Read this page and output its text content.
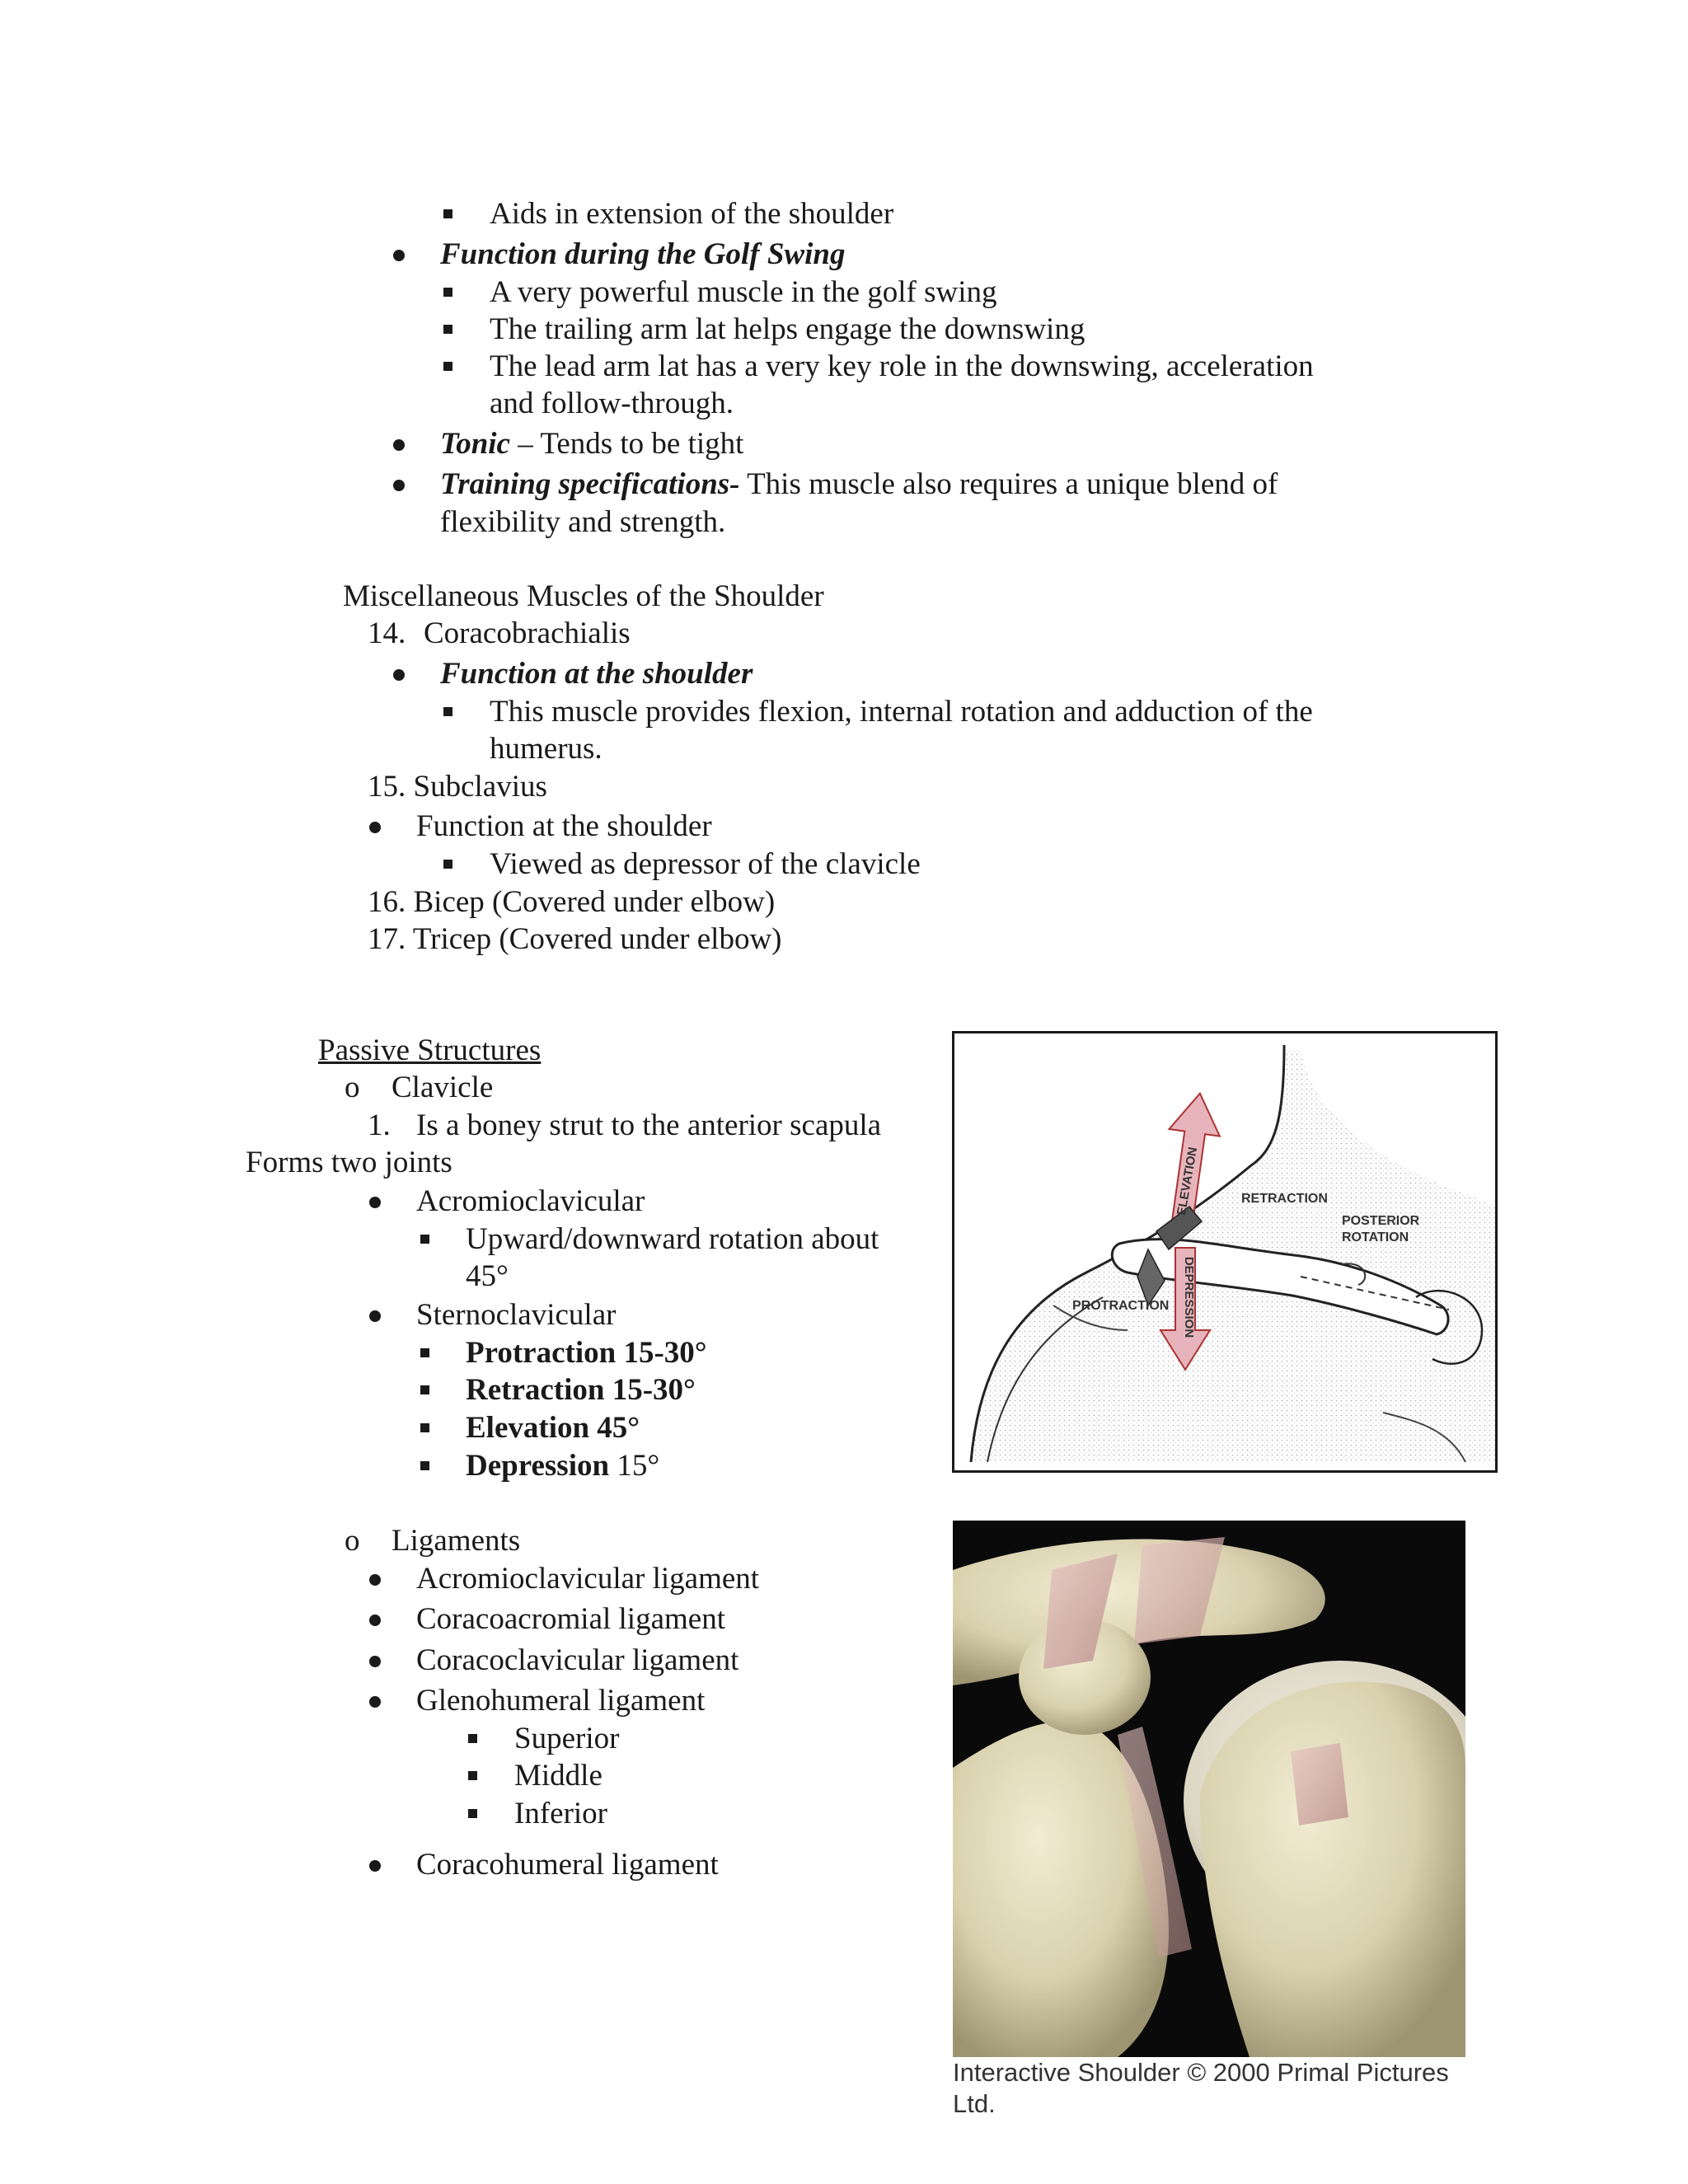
Aids in extension of the shoulder
Function during the Golf Swing
A very powerful muscle in the golf swing
The trailing arm lat helps engage the downswing
The lead arm lat has a very key role in the downswing, acceleration
and follow-through.
Tonic – Tends to be tight
Training specifications- This muscle also requires a unique blend of
flexibility and strength.
Miscellaneous Muscles of the Shoulder
14. Coracobrachialis
Function at the shoulder
This muscle provides flexion, internal rotation and adduction of the
humerus.
15. Subclavius
Function at the shoulder
Viewed as depressor of the clavicle
16. Bicep (Covered under elbow)
17. Tricep (Covered under elbow)
Passive Structures
o Clavicle
1. Is a boney strut to the anterior scapula
Forms two joints
Acromioclavicular
Upward/downward rotation about
45°
Sternoclavicular
Protraction 15-30°
Retraction 15-30°
Elevation 45°
Depression 15°
o Ligaments
Acromioclavicular ligament
Coracoacromial ligament
Coracoclavicular ligament
Glenohumeral ligament
Superior
Middle
Inferior
Coracohumeral ligament
ELEVATION
DEPRESSION
RETRACTION
POSTERIOR
ROTATION
PROTRACTION
Interactive Shoulder © 2000 Primal Pictures
Ltd.
